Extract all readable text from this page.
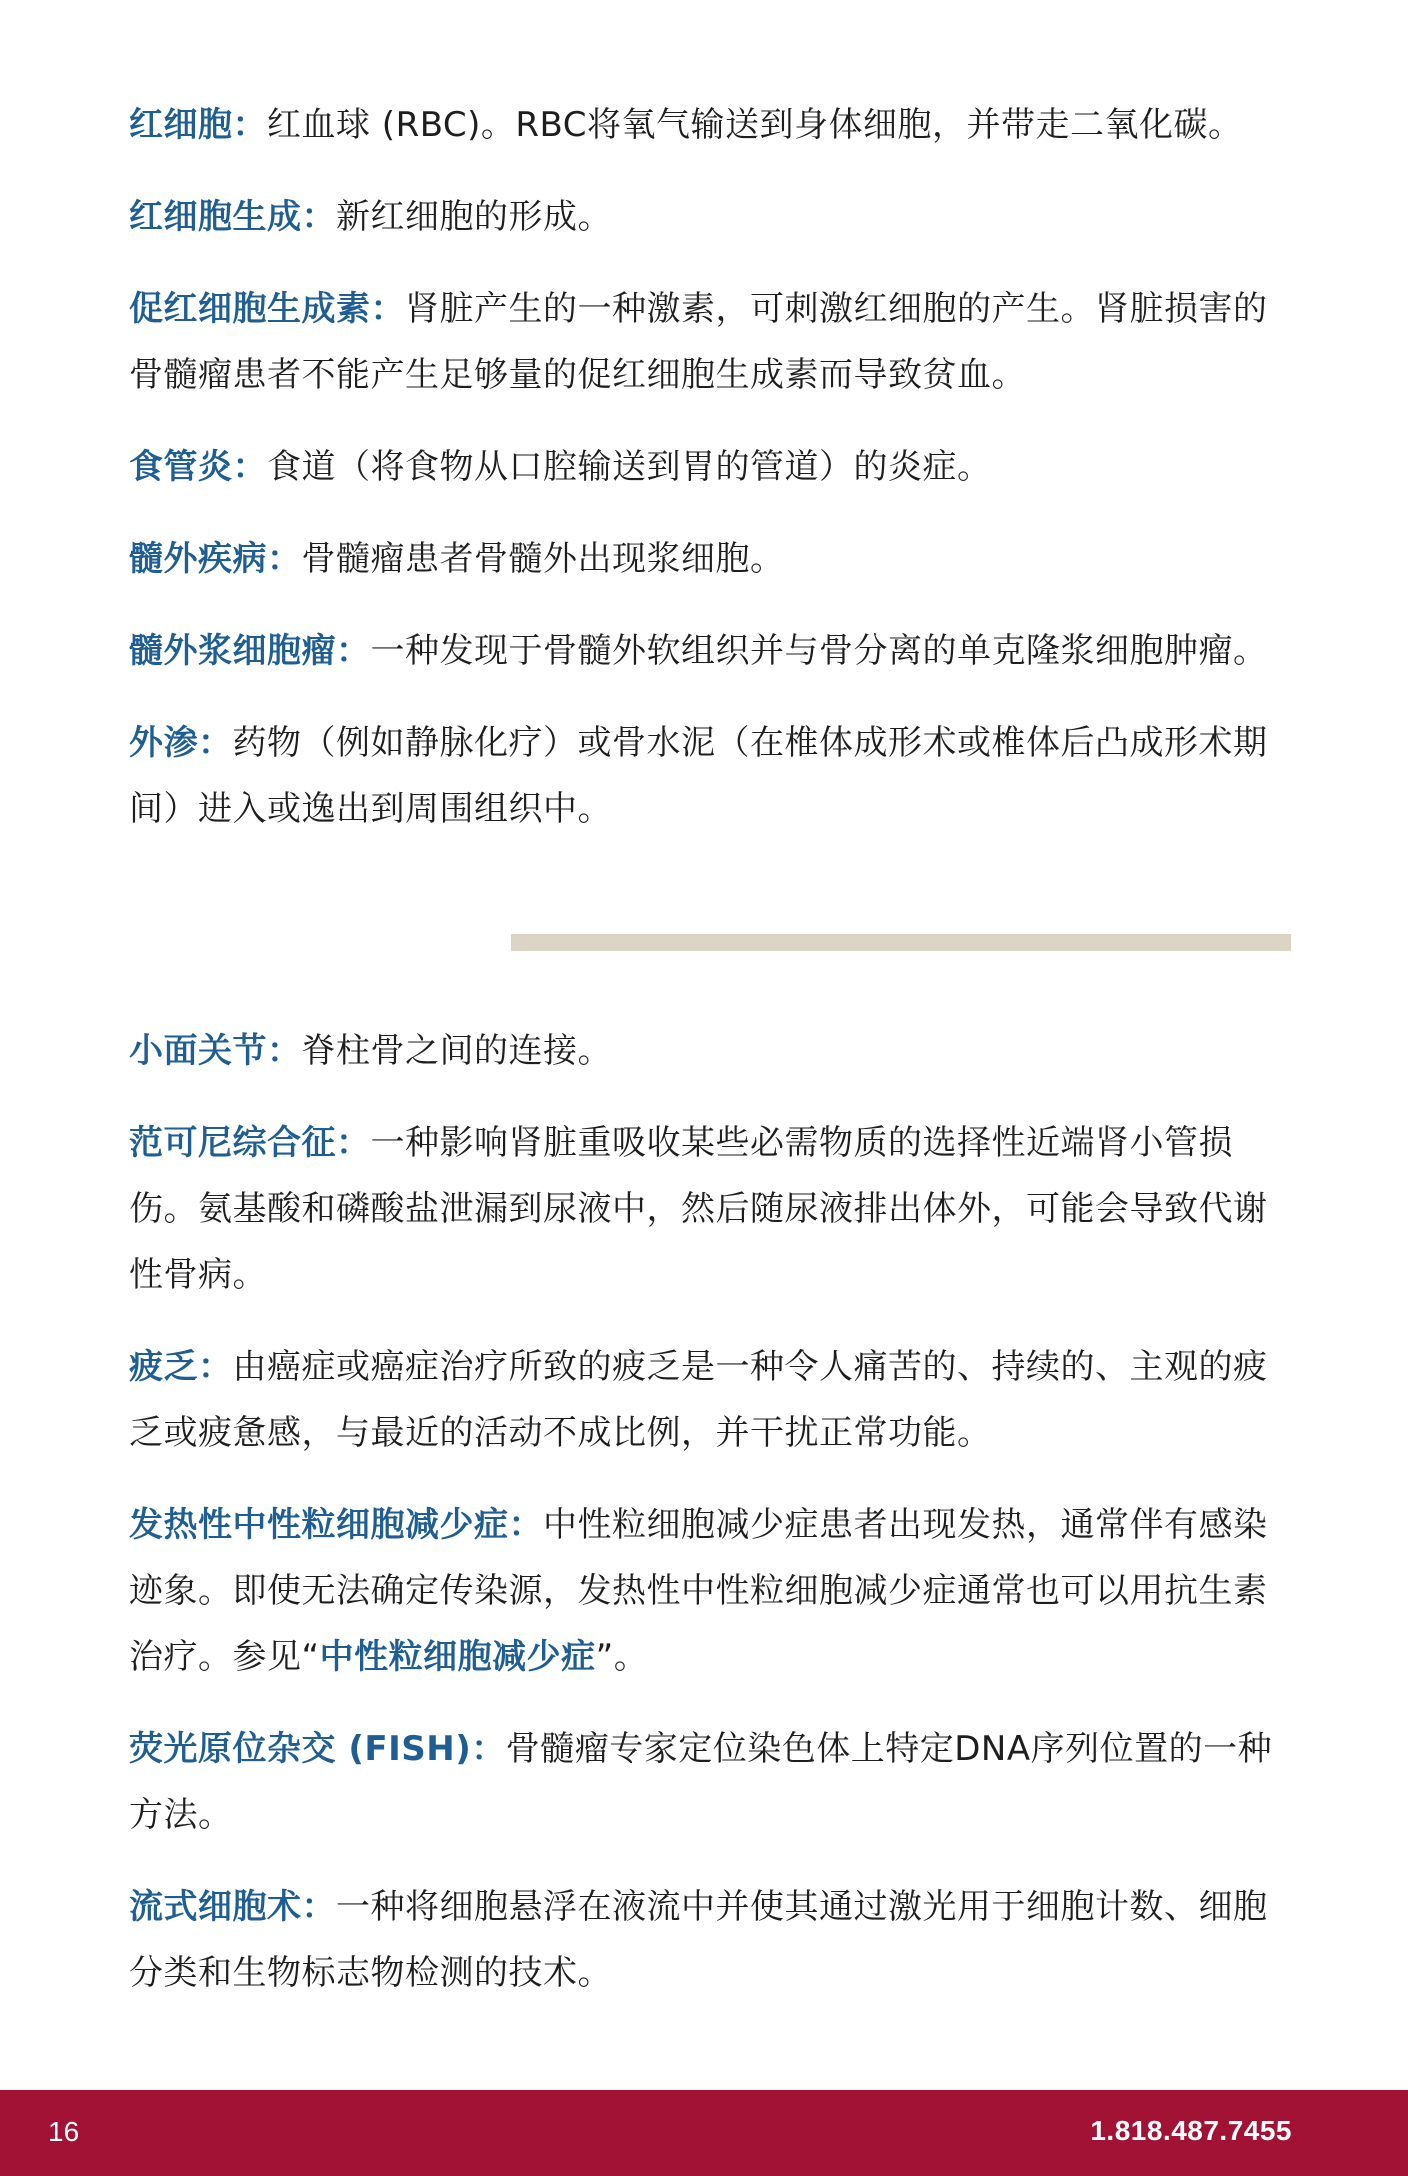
红细胞：红血球 (RBC)。RBC将氧气输送到身体细胞，并带走二氧化碳。

红细胞生成：新红细胞的形成。

促红细胞生成素：肾脏产生的一种激素，可刺激红细胞的产生。肾脏损害的骨髓瘤患者不能产生足够量的促红细胞生成素而导致贫血。

食管炎：食道（将食物从口腔输送到胃的管道）的炎症。

髓外疾病：骨髓瘤患者骨髓外出现浆细胞。

髓外浆细胞瘤：一种发现于骨髓外软组织并与骨分离的单克隆浆细胞肿瘤。

外渗：药物（例如静脉化疗）或骨水泥（在椎体成形术或椎体后凸成形术期间）进入或逸出到周围组织中。

小面关节：脊柱骨之间的连接。

范可尼综合征：一种影响肾脏重吸收某些必需物质的选择性近端肾小管损伤。氨基酸和磷酸盐泄漏到尿液中，然后随尿液排出体外，可能会导致代谢性骨病。

疲乏：由癌症或癌症治疗所致的疲乏是一种令人痛苦的、持续的、主观的疲乏或疲惫感，与最近的活动不成比例，并干扰正常功能。

发热性中性粒细胞减少症：中性粒细胞减少症患者出现发热，通常伴有感染迹象。即使无法确定传染源，发热性中性粒细胞减少症通常也可以用抗生素治疗。参见“中性粒细胞减少症”。

荧光原位杂交 (FISH)：骨髓瘤专家定位染色体上特定DNA序列位置的一种方法。

流式细胞术：一种将细胞悬浮在液流中并使其通过激光用于细胞计数、细胞分类和生物标志物检测的技术。

16	1.818.487.7455
